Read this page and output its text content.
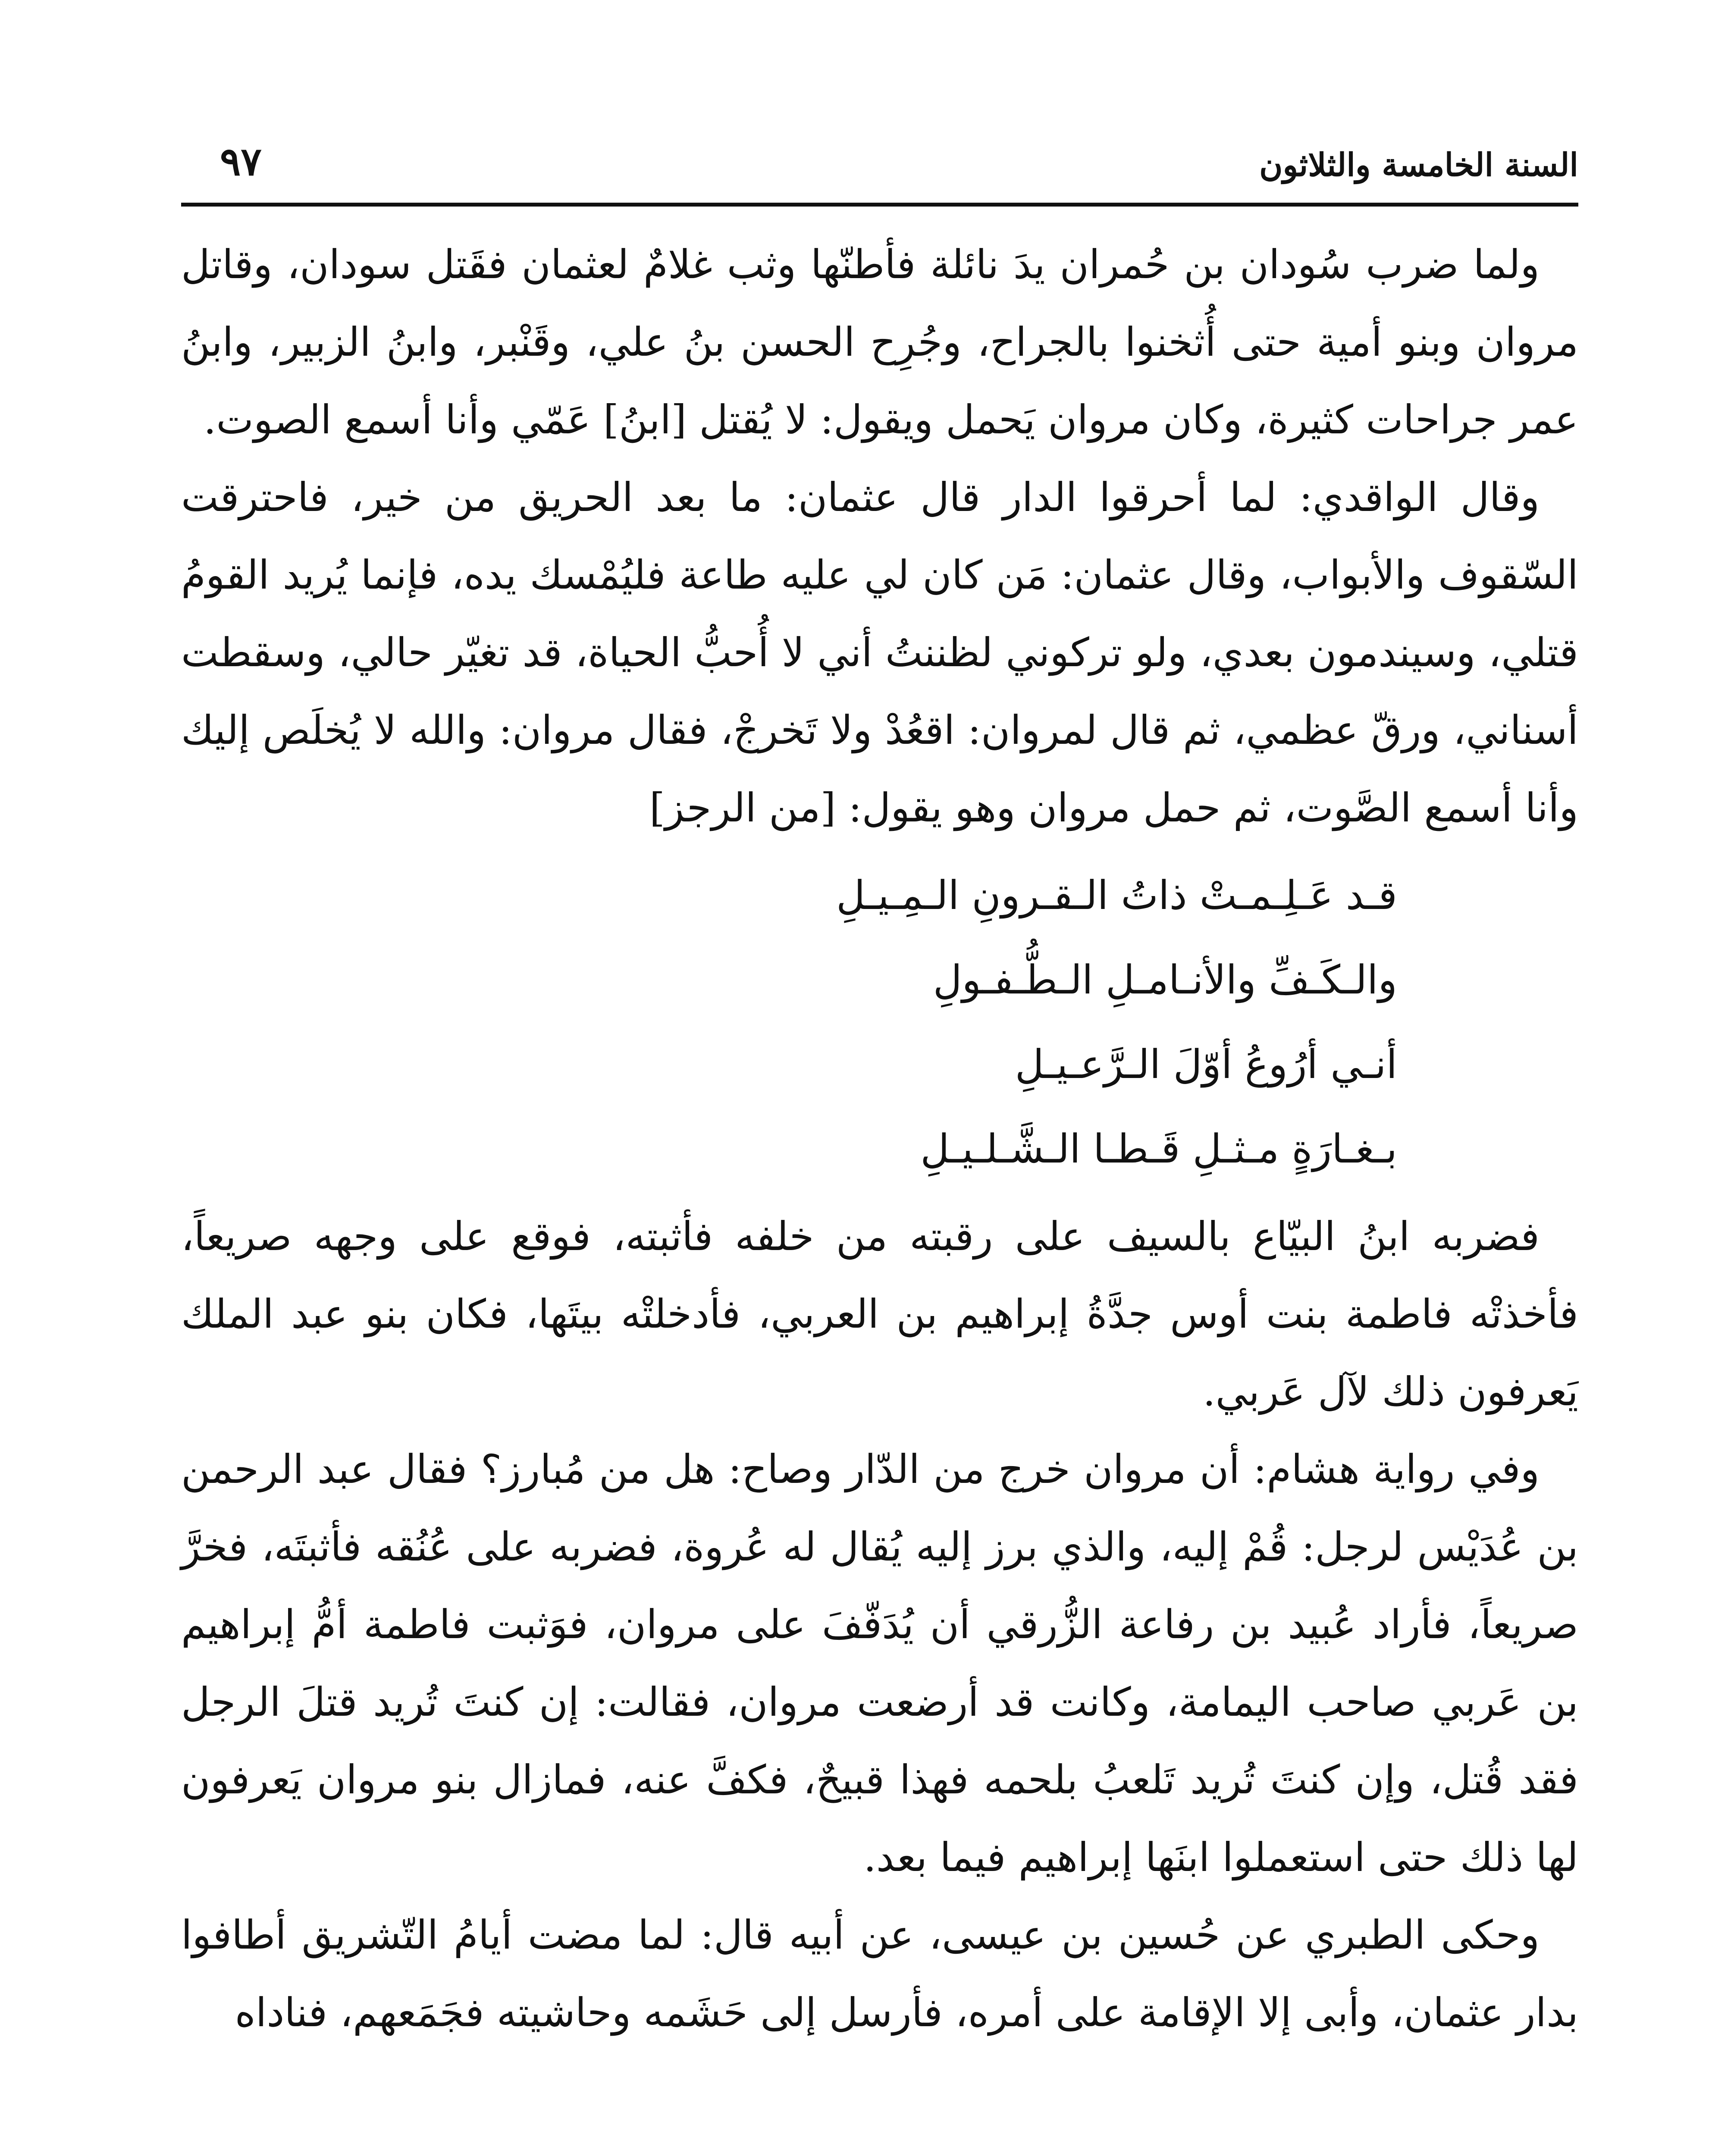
السنة الخامسة والثلاثون
٩٧

ولما ضرب سُودان بن حُمران يدَ نائلة فأطنّها وثب غلامٌ لعثمان فقَتل سودان، وقاتل مروان وبنو أمية حتى أُثخنوا بالجراح، وجُرِح الحسن بنُ علي، وقَنْبر، وابنُ الزبير، وابنُ عمر جراحات كثيرة، وكان مروان يَحمل ويقول: لا يُقتل [ابنُ] عَمّي وأنا أسمع الصوت.

وقال الواقدي: لما أحرقوا الدار قال عثمان: ما بعد الحريق من خير، فاحترقت السّقوف والأبواب، وقال عثمان: مَن كان لي عليه طاعة فليُمْسك يده، فإنما يُريد القومُ قتلي، وسيندمون بعدي، ولو تركوني لظننتُ أني لا أُحبُّ الحياة، قد تغيّر حالي، وسقطت أسناني، ورقّ عظمي، ثم قال لمروان: اقعُدْ ولا تَخرجْ، فقال مروان: والله لا يُخلَص إليك وأنا أسمع الصَّوت، ثم حمل مروان وهو يقول: [من الرجز]

قـد عَـلِـمـتْ ذاتُ الـقـرونِ الـمِـيـلِ

والـكَـفِّ والأنـامـلِ الـطُّـفـولِ

أنـي أرُوعُ أوّلَ الـرَّعـيـلِ

بـغـارَةٍ مـثـلِ قَـطـا الـشَّـلـيـلِ

فضربه ابنُ البيّاع بالسيف على رقبته من خلفه فأثبته، فوقع على وجهه صريعاً، فأخذتْه فاطمة بنت أوس جدَّةُ إبراهيم بن العربي، فأدخلتْه بيتَها، فكان بنو عبد الملك يَعرفون ذلك لآل عَربي.

وفي رواية هشام: أن مروان خرج من الدّار وصاح: هل من مُبارز؟ فقال عبد الرحمن بن عُدَيْس لرجل: قُمْ إليه، والذي برز إليه يُقال له عُروة، فضربه على عُنُقه فأثبتَه، فخرَّ صريعاً، فأراد عُبيد بن رفاعة الزُّرقي أن يُدَفّفَ على مروان، فوَثبت فاطمة أمُّ إبراهيم بن عَربي صاحب اليمامة، وكانت قد أرضعت مروان، فقالت: إن كنتَ تُريد قتلَ الرجل فقد قُتل، وإن كنتَ تُريد تَلعبُ بلحمه فهذا قبيحٌ، فكفَّ عنه، فمازال بنو مروان يَعرفون لها ذلك حتى استعملوا ابنَها إبراهيم فيما بعد.

وحكى الطبري عن حُسين بن عيسى، عن أبيه قال: لما مضت أيامُ التّشريق أطافوا بدار عثمان، وأبى إلا الإقامة على أمره، فأرسل إلى حَشَمه وحاشيته فجَمَعهم، فناداه
